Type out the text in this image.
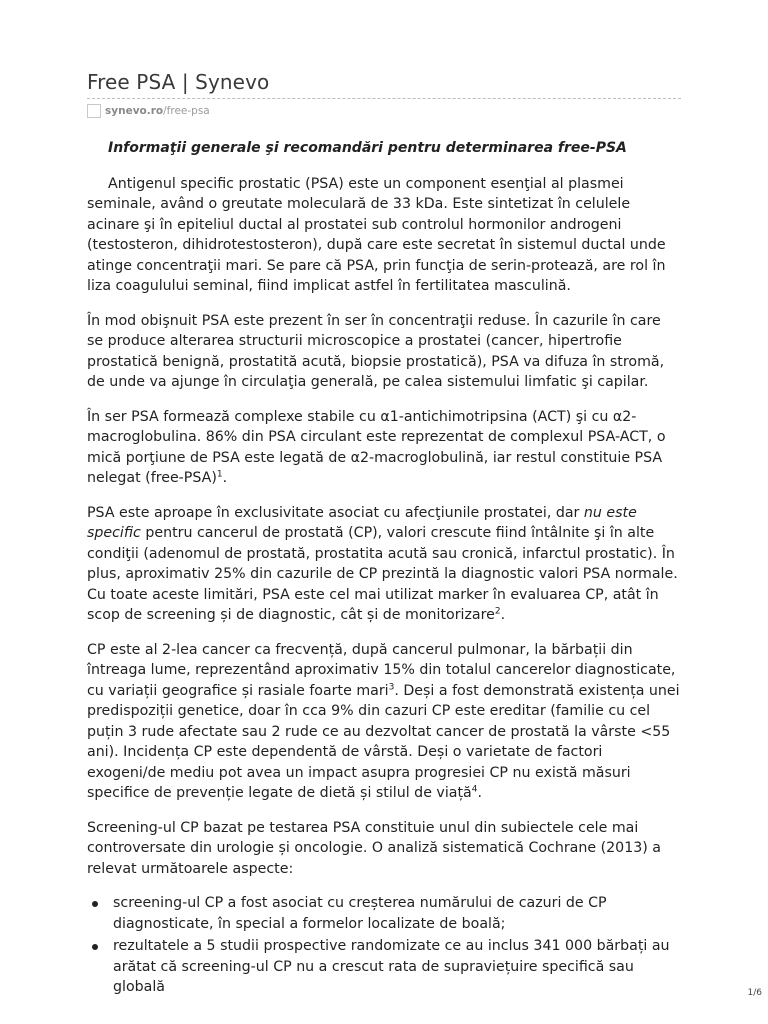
Free PSA | Synevo
synevo.ro/free-psa

Informaţii generale şi recomandări pentru determinarea free-PSA

Antigenul specific prostatic (PSA) este un component esenţial al plasmei seminale, având o greutate moleculară de 33 kDa. Este sintetizat în celulele acinare şi în epiteliul ductal al prostatei sub controlul hormonilor androgeni (testosteron, dihidrotestosteron), după care este secretat în sistemul ductal unde atinge concentraţii mari. Se pare că PSA, prin funcţia de serin-protează, are rol în liza coagulului seminal, fiind implicat astfel în fertilitatea masculină.

În mod obişnuit PSA este prezent în ser în concentraţii reduse. În cazurile în care se produce alterarea structurii microscopice a prostatei (cancer, hipertrofie prostatică benignă, prostatită acută, biopsie prostatică), PSA va difuza în stromă, de unde va ajunge în circulaţia generală, pe calea sistemului limfatic şi capilar.

În ser PSA formează complexe stabile cu α1-antichimotripsina (ACT) şi cu α2-macroglobulina. 86% din PSA circulant este reprezentat de complexul PSA-ACT, o mică porţiune de PSA este legată de α2-macroglobulină, iar restul constituie PSA nelegat (free-PSA)$^1$.

PSA este aproape în exclusivitate asociat cu afecţiunile prostatei, dar nu este specific pentru cancerul de prostată (CP), valori crescute fiind întâlnite şi în alte condiţii (adenomul de prostată, prostatita acută sau cronică, infarctul prostatic). În plus, aproximativ 25% din cazurile de CP prezintă la diagnostic valori PSA normale. Cu toate aceste limitări, PSA este cel mai utilizat marker în evaluarea CP, atât în scop de screening și de diagnostic, cât și de monitorizare$^2$.

CP este al 2-lea cancer ca frecvență, după cancerul pulmonar, la bărbații din întreaga lume, reprezentând aproximativ 15% din totalul cancerelor diagnosticate, cu variații geografice și rasiale foarte mari$^3$. Deși a fost demonstrată existența unei predispoziții genetice, doar în cca 9% din cazuri CP este ereditar (familie cu cel puțin 3 rude afectate sau 2 rude ce au dezvoltat cancer de prostată la vârste <55 ani). Incidența CP este dependentă de vârstă. Deși o varietate de factori exogeni/de mediu pot avea un impact asupra progresiei CP nu există măsuri specifice de prevenție legate de dietă și stilul de viață$^4$.

Screening-ul CP bazat pe testarea PSA constituie unul din subiectele cele mai controversate din urologie și oncologie. O analiză sistematică Cochrane (2013) a relevat următoarele aspecte:

screening-ul CP a fost asociat cu creșterea numărului de cazuri de CP diagnosticate, în special a formelor localizate de boală;
rezultatele a 5 studii prospective randomizate ce au inclus 341 000 bărbați au arătat că screening-ul CP nu a crescut rata de supraviețuire specifică sau globală	1/6
